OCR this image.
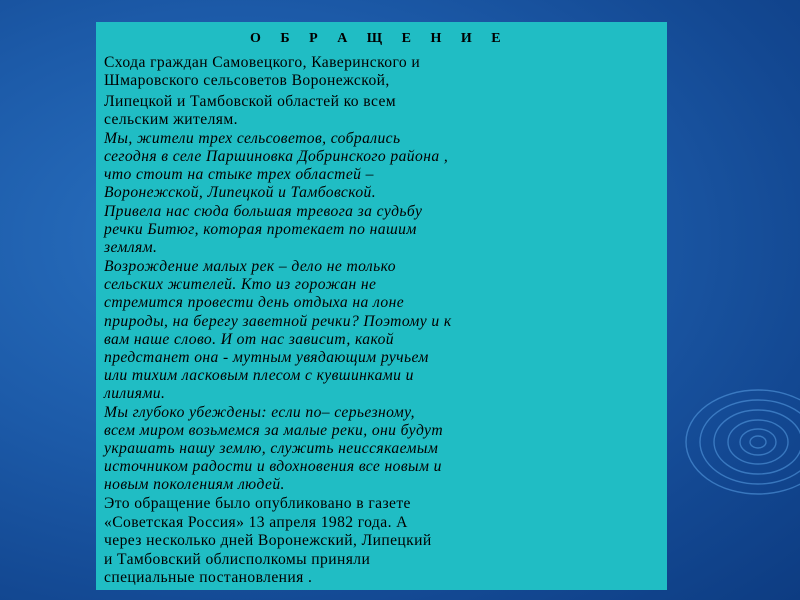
О Б Р А Щ Е Н И Е
Схода граждан Самовецкого, Каверинского и
Шмаровского сельсоветов Воронежской,
Липецкой и Тамбовской областей ко всем
сельским жителям.
Мы, жители трех сельсоветов, собрались
сегодня в селе Паршиновка Добринского района ,
что стоит на стыке трех областей –
Воронежской, Липецкой и Тамбовской.
Привела нас сюда большая тревога за судьбу
речки Битюг, которая протекает по нашим
землям.
Возрождение малых рек – дело не только
сельских жителей. Кто из горожан не
стремится провести день отдыха на лоне
природы, на берегу заветной речки? Поэтому и к
вам наше слово. И от нас зависит, какой
предстанет она - мутным увядающим ручьем
или тихим ласковым плесом с кувшинками и
лилиями.
Мы глубоко убеждены: если по– серьезному,
всем миром возьмемся за малые реки, они будут
украшать нашу землю, служить неиссякаемым
источником радости и вдохновения все новым и
новым поколениям людей.
Это обращение было опубликовано в газете
«Советская Россия» 13 апреля 1982 года. А
через несколько дней Воронежский, Липецкий
и Тамбовский облисполкомы приняли
специальные постановления .
